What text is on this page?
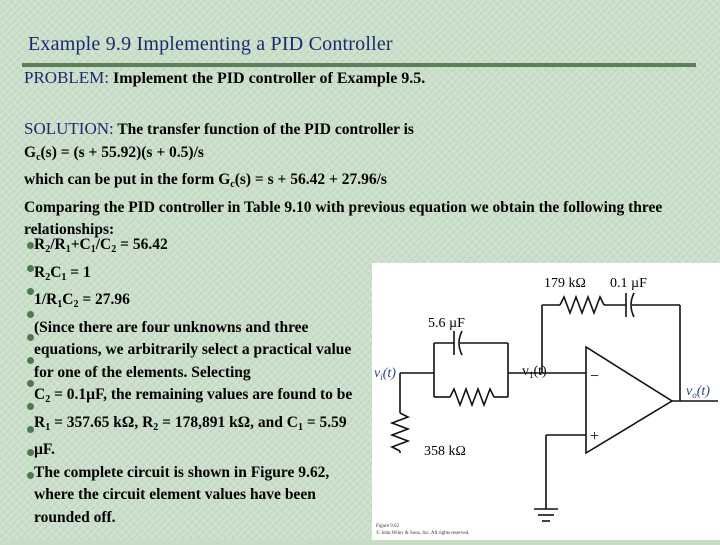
Example 9.9 Implementing a PID Controller
PROBLEM: Implement the PID controller of Example 9.5.
SOLUTION: The transfer function of the PID controller is
$G_c(s) = (s + 55.92)(s + 0.5)/s$
which can be put in the form $G_c(s) = s + 56.42 + 27.96/s$
Comparing the PID controller in Table 9.10 with previous equation we obtain the following three relationships:
$R_2/R_1+C_1/C_2 = 56.42$
$R_2C_1 = 1$
$1/R_1C_2 = 27.96$
(Since there are four unknowns and three equations, we arbitrarily select a practical value for one of the elements. Selecting
$C_2 = 0.1\mu F$, the remaining values are found to be $R_1 = 357.65$ kΩ, $R_2 = 178,891$ kΩ, and $C_1 = 5.59$ µF.
The complete circuit is shown in Figure 9.62, where the circuit element values have been rounded off.
179 kΩ 0.1 µF
5.6 µF
$v_i(t)$	$v_1(t)$
$v_o(t)$
358 kΩ
−
+
Figure 9.62
© John Wiley & Sons, Inc. All rights reserved.
